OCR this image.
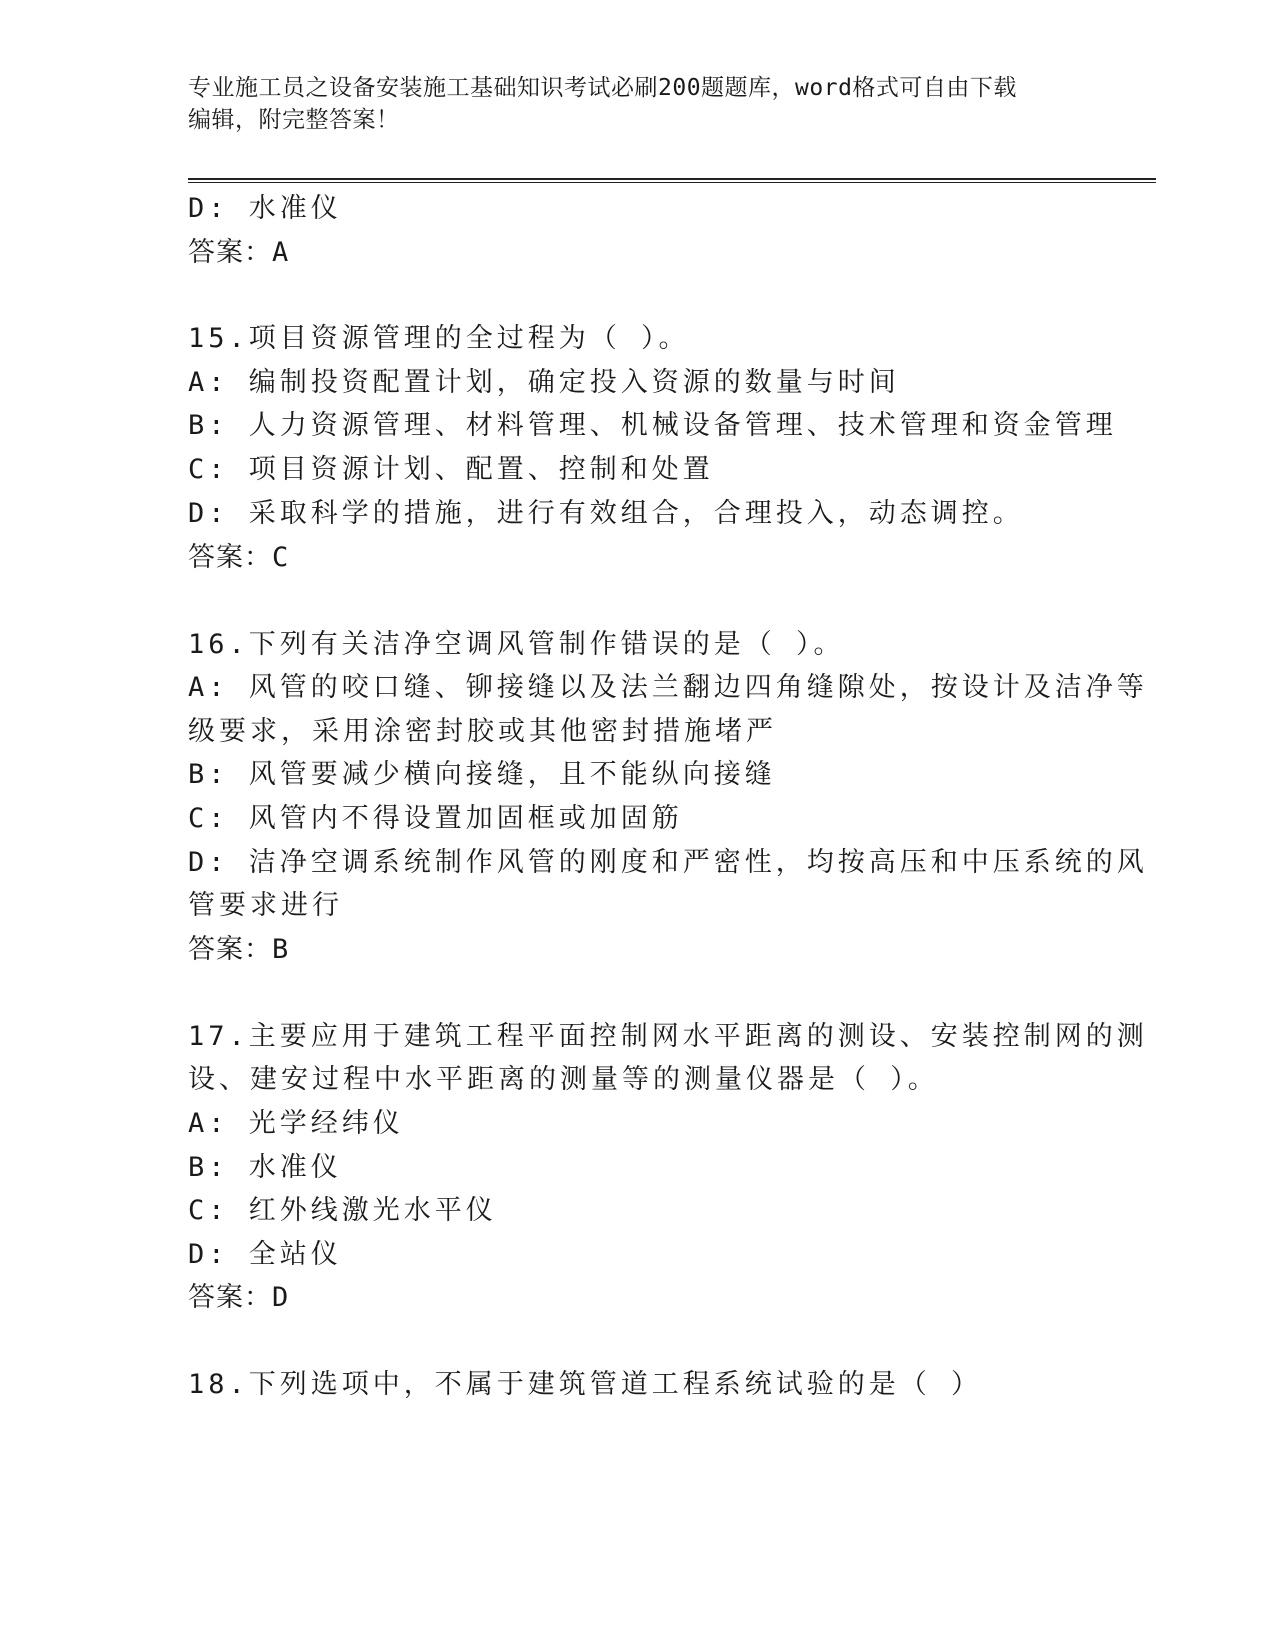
专业施工员之设备安装施工基础知识考试必刷200题题库，word格式可自由下载
编辑，附完整答案！

D: 水准仪

答案：A

15.项目资源管理的全过程为（ ）。

A: 编制投资配置计划，确定投入资源的数量与时间

B: 人力资源管理、材料管理、机械设备管理、技术管理和资金管理

C: 项目资源计划、配置、控制和处置

D: 采取科学的措施，进行有效组合，合理投入，动态调控。

答案：C

16.下列有关洁净空调风管制作错误的是（ ）。

A: 风管的咬口缝、铆接缝以及法兰翻边四角缝隙处，按设计及洁净等

级要求，采用涂密封胶或其他密封措施堵严

B: 风管要减少横向接缝，且不能纵向接缝

C: 风管内不得设置加固框或加固筋

D: 洁净空调系统制作风管的刚度和严密性，均按高压和中压系统的风

管要求进行

答案：B

17.主要应用于建筑工程平面控制网水平距离的测设、安装控制网的测

设、建安过程中水平距离的测量等的测量仪器是（ ）。

A: 光学经纬仪

B: 水准仪

C: 红外线激光水平仪

D: 全站仪

答案：D

18.下列选项中，不属于建筑管道工程系统试验的是（ ）
